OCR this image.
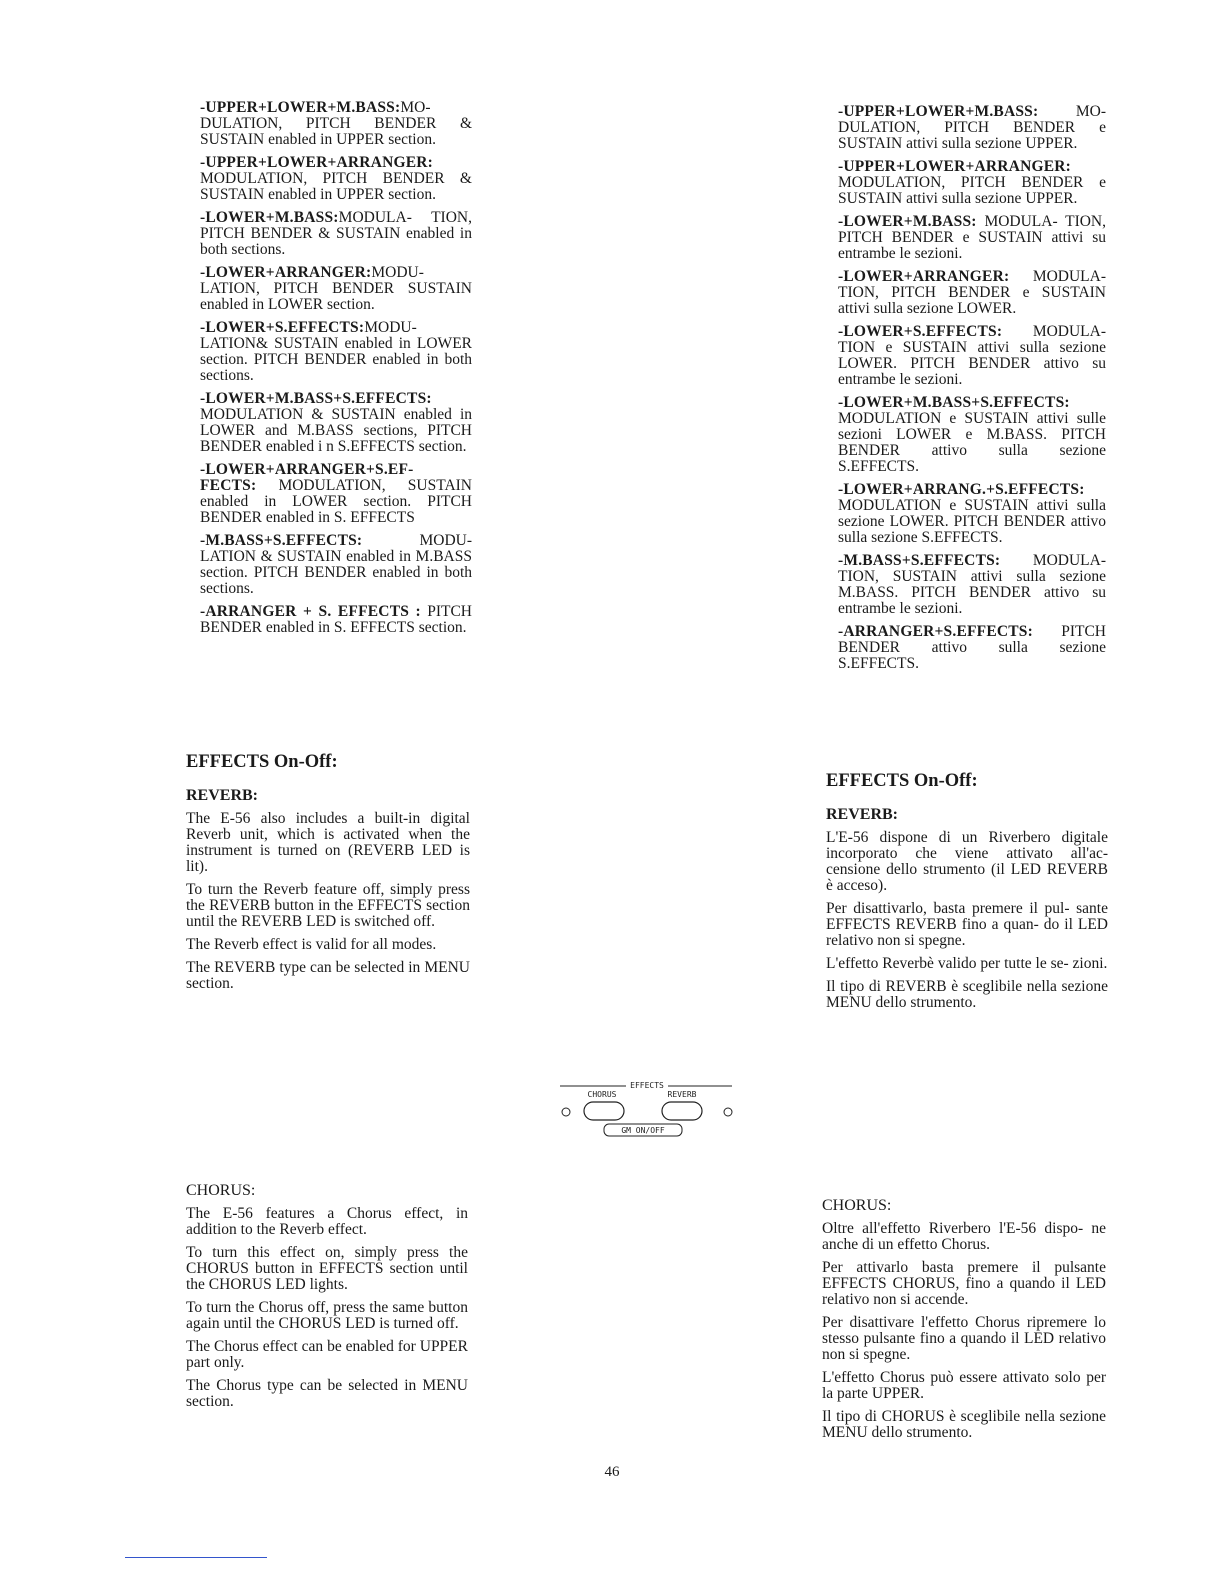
-UPPER+LOWER+M.BASS:MO- DULATION, PITCH BENDER & SUSTAIN enabled in UPPER section.

-UPPER+LOWER+ARRANGER: MODULATION, PITCH BENDER & SUSTAIN enabled in UPPER section.

-LOWER+M.BASS:MODULA- TION, PITCH BENDER & SUSTAIN enabled in both sections.

-LOWER+ARRANGER:MODU- LATION, PITCH BENDER SUSTAIN enabled in LOWER section.

-LOWER+S.EFFECTS:MODU- LATION& SUSTAIN enabled in LOWER section. PITCH BENDER enabled in both sections.

-LOWER+M.BASS+S.EFFECTS: MODULATION & SUSTAIN enabled in LOWER and M.BASS sections, PITCH BENDER enabled i n S.EFFECTS section.

-LOWER+ARRANGER+S.EF- FECTS: MODULATION, SUSTAIN enabled in LOWER section. PITCH BENDER enabled in S. EFFECTS

-M.BASS+S.EFFECTS:	MODU- LATION & SUSTAIN enabled in M.BASS section. PITCH BENDER enabled in both sections.

-ARRANGER + S. EFFECTS : PITCH BENDER enabled in S. EFFECTS section.

-UPPER+LOWER+M.BASS: MO- DULATION, PITCH BENDER e SUSTAIN attivi sulla sezione UPPER.

-UPPER+LOWER+ARRANGER: MODULATION, PITCH BENDER e SUSTAIN attivi sulla sezione UPPER.

-LOWER+M.BASS: MODULA- TION, PITCH BENDER e SUSTAIN attivi su entrambe le sezioni.

-LOWER+ARRANGER: MODULA- TION, PITCH BENDER e SUSTAIN attivi sulla sezione LOWER.

-LOWER+S.EFFECTS: MODULA- TION e SUSTAIN attivi sulla sezione LOWER. PITCH BENDER attivo su entrambe le sezioni.

-LOWER+M.BASS+S.EFFECTS: MODULATION e SUSTAIN attivi sulle sezioni LOWER e M.BASS. PITCH BENDER attivo sulla sezione S.EFFECTS.

-LOWER+ARRANG.+S.EFFECTS: MODULATION e SUSTAIN attivi sulla sezione LOWER. PITCH BENDER attivo sulla sezione S.EFFECTS.

-M.BASS+S.EFFECTS: MODULA- TION, SUSTAIN attivi sulla sezione M.BASS. PITCH BENDER attivo su entrambe le sezioni.

-ARRANGER+S.EFFECTS: PITCH BENDER attivo sulla sezione S.EFFECTS.

EFFECTS On-Off:
REVERB:

The E-56 also includes a built-in digital Reverb unit, which is activated when the instrument is turned on (REVERB LED is lit).

To turn the Reverb feature off, simply press the REVERB button in the EFFECTS section until the REVERB LED is switched off.

The Reverb effect is valid for all modes.

The REVERB type can be selected in MENU section.

EFFECTS On-Off:
REVERB:

L'E-56 dispone di un Riverbero digitale incorporato che viene attivato all'ac- censione dello strumento (il LED REVERB è acceso).

Per disattivarlo, basta premere il pul- sante EFFECTS REVERB fino a quan- do il LED relativo non si spegne.

L'effetto Reverbè valido per tutte le se- zioni.

Il tipo di REVERB è sceglibile nella sezione MENU dello strumento.

EFFECTS
CHORUS	REVERB
GM ON/OFF
CHORUS:

The E-56 features a Chorus effect, in addition to the Reverb effect.

To turn this effect on, simply press the CHORUS button in EFFECTS section until the CHORUS LED lights.

To turn the Chorus off, press the same button again until the CHORUS LED is turned off.

The Chorus effect can be enabled for UPPER part only.

The Chorus type can be selected in MENU section.

CHORUS:

Oltre all'effetto Riverbero l'E-56 dispo- ne anche di un effetto Chorus.

Per attivarlo basta premere il pulsante EFFECTS CHORUS, fino a quando il LED relativo non si accende.

Per disattivare l'effetto Chorus ripremere lo stesso pulsante fino a quando il LED relativo non si spegne.

L'effetto Chorus può essere attivato solo per la parte UPPER.

Il tipo di CHORUS è sceglibile nella sezione MENU dello strumento.

46
